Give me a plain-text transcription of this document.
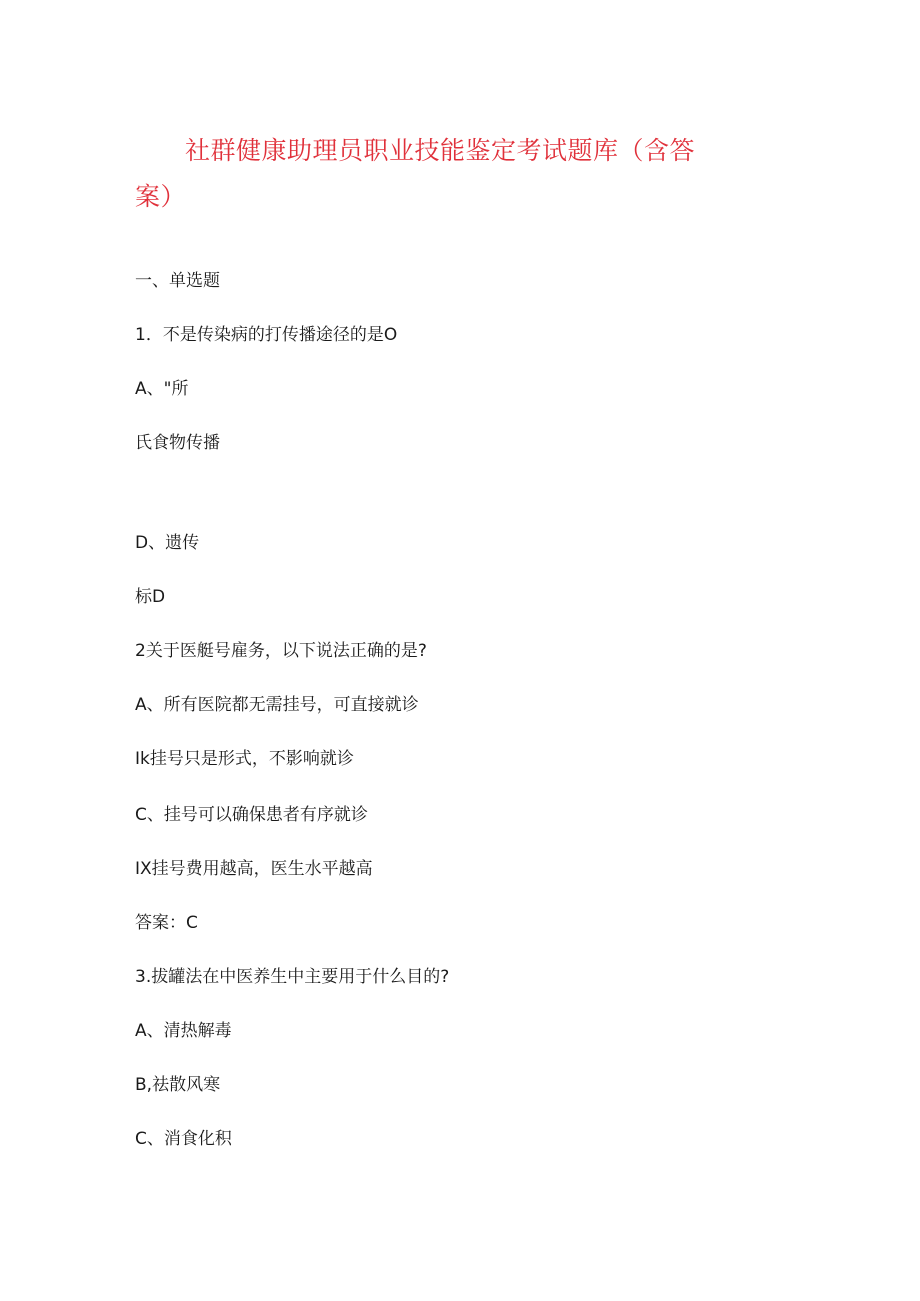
社群健康助理员职业技能鉴定考试题库（含答案）

一、单选题

1．不是传染病的打传播途径的是O

A、"所

氏食物传播

D、遗传

标D

2关于医艇号雇务，以下说法正确的是?

A、所有医院都无需挂号，可直接就诊

Ik挂号只是形式，不影响就诊

C、挂号可以确保患者有序就诊

IX挂号费用越高，医生水平越高

答案：C

3.拔罐法在中医养生中主要用于什么目的?

A、清热解毒

B,祛散风寒

C、消食化积
